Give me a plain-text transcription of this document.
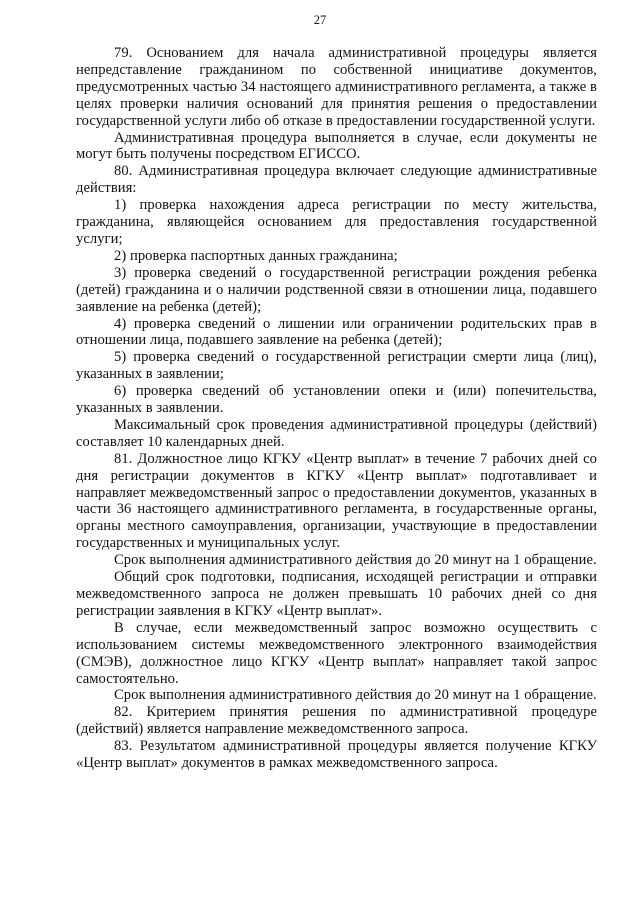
27

79. Основанием для начала административной процедуры является непредставление гражданином по собственной инициативе документов, предусмотренных частью 34 настоящего административного регламента, а также в целях проверки наличия оснований для принятия решения о предоставлении государственной услуги либо об отказе в предоставлении государственной услуги.

Административная процедура выполняется в случае, если документы не могут быть получены посредством ЕГИССО.

80. Административная процедура включает следующие административные действия:

1) проверка нахождения адреса регистрации по месту жительства, гражданина, являющейся основанием для предоставления государственной услуги;

2) проверка паспортных данных гражданина;

3) проверка сведений о государственной регистрации рождения ребенка (детей) гражданина и о наличии родственной связи в отношении лица, подавшего заявление на ребенка (детей);

4) проверка сведений о лишении или ограничении родительских прав в отношении лица, подавшего заявление на ребенка (детей);

5) проверка сведений о государственной регистрации смерти лица (лиц), указанных в заявлении;

6) проверка сведений об установлении опеки и (или) попечительства, указанных в заявлении.

Максимальный срок проведения административной процедуры (действий) составляет 10 календарных дней.

81. Должностное лицо КГКУ «Центр выплат» в течение 7 рабочих дней со дня регистрации документов в КГКУ «Центр выплат» подготавливает и направляет межведомственный запрос о предоставлении документов, указанных в части 36 настоящего административного регламента, в государственные органы, органы местного самоуправления, организации, участвующие в предоставлении государственных и муниципальных услуг.

Срок выполнения административного действия до 20 минут на 1 обращение.

Общий срок подготовки, подписания, исходящей регистрации и отправки межведомственного запроса не должен превышать 10 рабочих дней со дня регистрации заявления в КГКУ «Центр выплат».

В случае, если межведомственный запрос возможно осуществить с использованием системы межведомственного электронного взаимодействия (СМЭВ), должностное лицо КГКУ «Центр выплат» направляет такой запрос самостоятельно.

Срок выполнения административного действия до 20 минут на 1 обращение.

82. Критерием принятия решения по административной процедуре (действий) является направление межведомственного запроса.

83. Результатом административной процедуры является получение КГКУ «Центр выплат» документов в рамках межведомственного запроса.
